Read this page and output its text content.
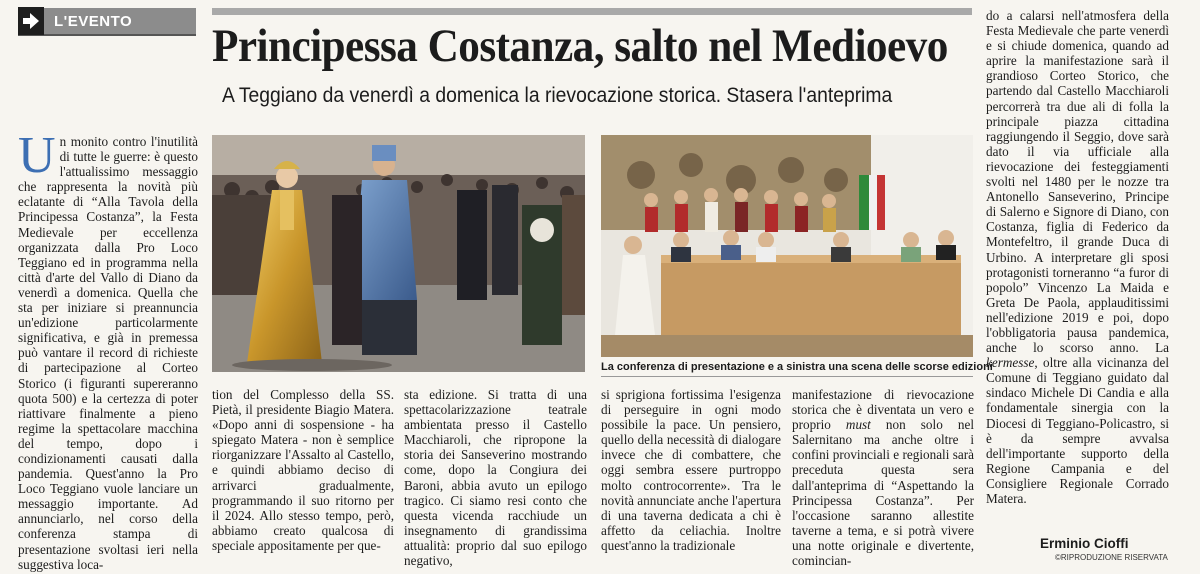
L'EVENTO Principessa Costanza, salto nel Medioevo
A Teggiano da venerdì a domenica la rievocazione storica. Stasera l'anteprima

Un monito contro l'inutilità di tutte le guerre: è questo l'attualissimo messaggio che rappresenta la novità più eclatante di “Alla Tavola della Principessa Costanza”, la Festa Medievale per eccellenza organizzata dalla Pro Loco Teggiano ed in programma nella città d'arte del Vallo di Diano da venerdì a domenica. Quella che sta per iniziare si preannuncia un'edizione particolarmente significativa, e già in premessa può vantare il record di richieste di partecipazione al Corteo Storico (i figuranti supereranno quota 500) e la certezza di poter riattivare finalmente a pieno regime la spettacolare macchina del tempo, dopo i condizionamenti causati dalla pandemia. Quest'anno la Pro Loco Teggiano vuole lanciare un messaggio importante. Ad annunciarlo, nel corso della conferenza stampa di presentazione svoltasi ieri nella suggestiva loca-

La conferenza di presentazione e a sinistra una scena delle scorse edizioni

tion del Complesso della SS. Pietà, il presidente Biagio Matera. «Dopo anni di sospensione - ha spiegato Matera - non è semplice riorganizzare l'Assalto al Castello, e quindi abbiamo deciso di arrivarci gradualmente, programmando il suo ritorno per il 2024. Allo stesso tempo, però, abbiamo creato qualcosa di speciale appositamente per que-

sta edizione. Si tratta di una spettacolarizzazione teatrale ambientata presso il Castello Macchiaroli, che ripropone la storia dei Sanseverino mostrando come, dopo la Congiura dei Baroni, abbia avuto un epilogo tragico. Ci siamo resi conto che questa vicenda racchiude un insegnamento di grandissima attualità: proprio dal suo epilogo negativo,

si sprigiona fortissima l'esigenza di perseguire in ogni modo possibile la pace. Un pensiero, quello della necessità di dialogare invece che di combattere, che oggi sembra essere purtroppo molto controcorrente». Tra le novità annunciate anche l'apertura di una taverna dedicata a chi è affetto da celiachia. Inoltre quest'anno la tradizionale

manifestazione di rievocazione storica che è diventata un vero e proprio must non solo nel Salernitano ma anche oltre i confini provinciali e regionali sarà preceduta questa sera dall'anteprima di “Aspettando la Principessa Costanza”. Per l'occasione saranno allestite taverne a tema, e si potrà vivere una notte originale e divertente, comincian-

do a calarsi nell'atmosfera della Festa Medievale che parte venerdì e si chiude domenica, quando ad aprire la manifestazione sarà il grandioso Corteo Storico, che partendo dal Castello Macchiaroli percorrerà tra due ali di folla la principale piazza cittadina raggiungendo il Seggio, dove sarà dato il via ufficiale alla rievocazione dei festeggiamenti svolti nel 1480 per le nozze tra Antonello Sanseverino, Principe di Salerno e Signore di Diano, con Costanza, figlia di Federico da Montefeltro, il grande Duca di Urbino. A interpretare gli sposi protagonisti torneranno “a furor di popolo” Vincenzo La Maida e Greta De Paola, applauditissimi nell'edizione 2019 e poi, dopo l'obbligatoria pausa pandemica, anche lo scorso anno. La kermesse, oltre alla vicinanza del Comune di Teggiano guidato dal sindaco Michele Di Candia e alla fondamentale sinergia con la Diocesi di Teggiano-Policastro, si è da sempre avvalsa dell'importante supporto della Regione Campania e del Consigliere Regionale Corrado Matera.

Erminio Cioffi
©RIPRODUZIONE RISERVATA
